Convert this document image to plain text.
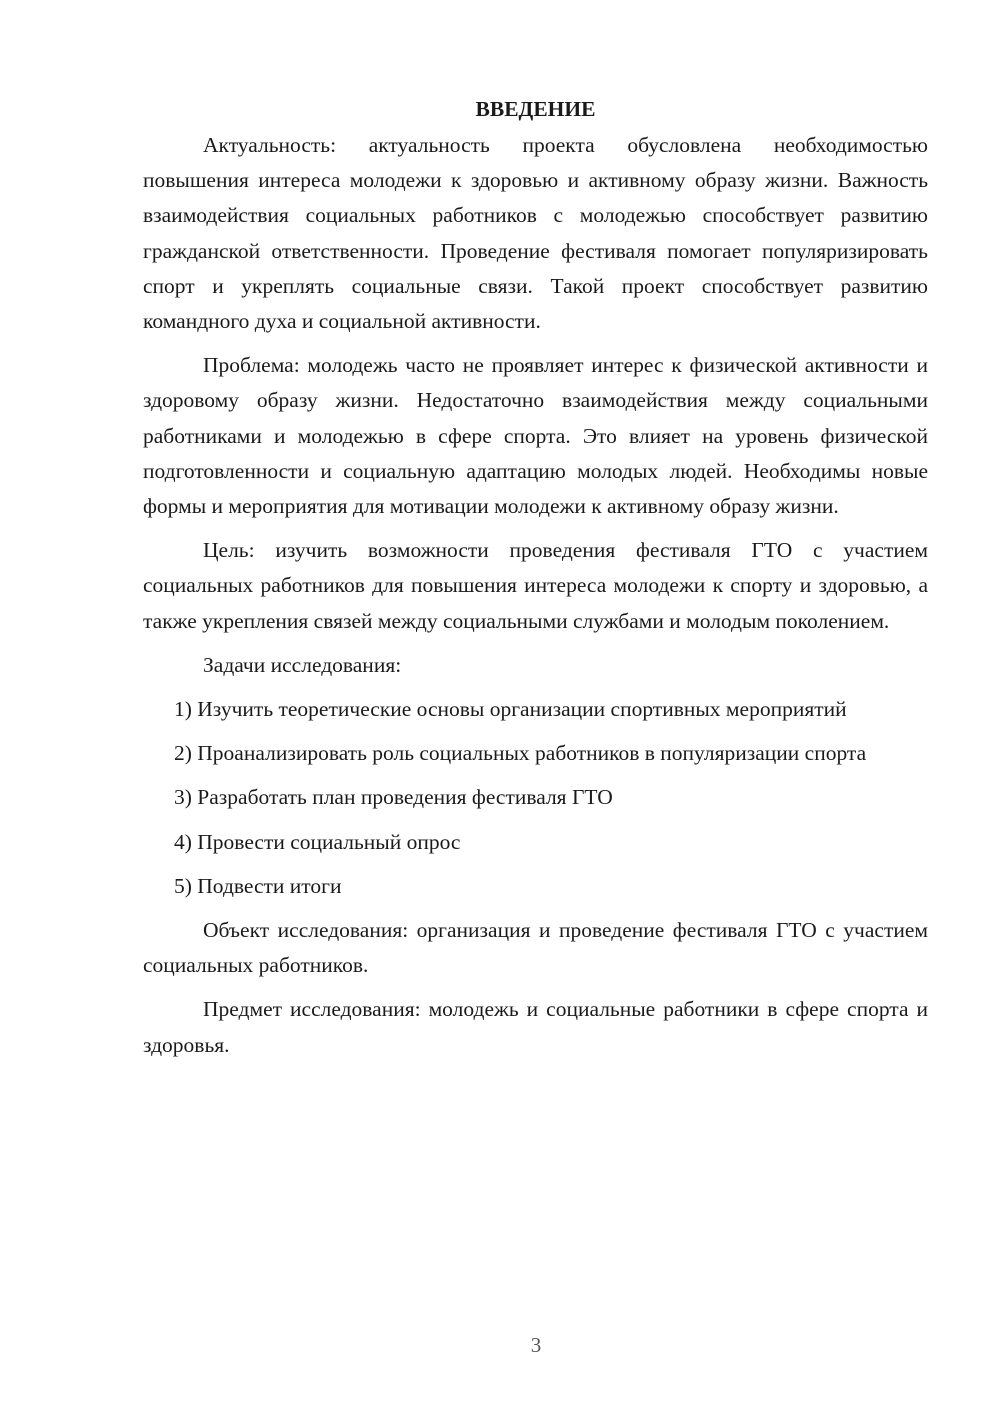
ВВЕДЕНИЕ

Актуальность: актуальность проекта обусловлена необходимостью повышения интереса молодежи к здоровью и активному образу жизни. Важность взаимодействия социальных работников с молодежью способствует развитию гражданской ответственности. Проведение фестиваля помогает популяризировать спорт и укреплять социальные связи. Такой проект способствует развитию командного духа и социальной активности.

Проблема: молодежь часто не проявляет интерес к физической активности и здоровому образу жизни. Недостаточно взаимодействия между социальными работниками и молодежью в сфере спорта. Это влияет на уровень физической подготовленности и социальную адаптацию молодых людей. Необходимы новые формы и мероприятия для мотивации молодежи к активному образу жизни.

Цель: изучить возможности проведения фестиваля ГТО с участием социальных работников для повышения интереса молодежи к спорту и здоровью, а также укрепления связей между социальными службами и молодым поколением.

Задачи исследования:

1) Изучить теоретические основы организации спортивных мероприятий

2) Проанализировать роль социальных работников в популяризации спорта

3) Разработать план проведения фестиваля ГТО

4) Провести социальный опрос

5) Подвести итоги

Объект исследования: организация и проведение фестиваля ГТО с участием социальных работников.

Предмет исследования: молодежь и социальные работники в сфере спорта и здоровья.

3
